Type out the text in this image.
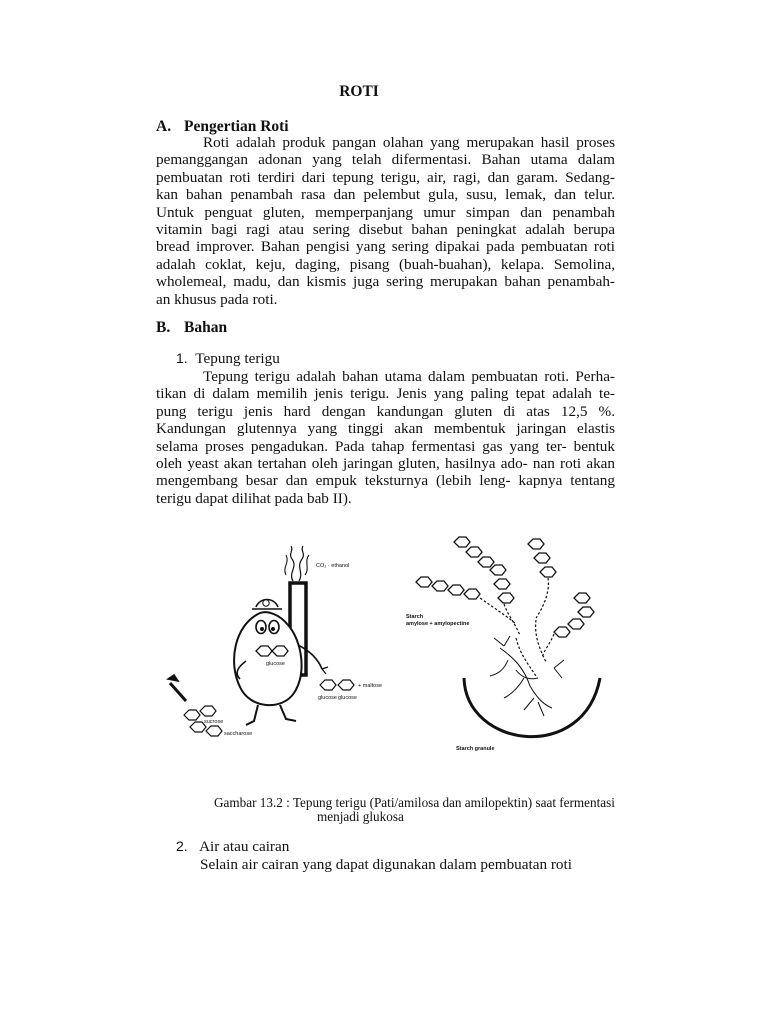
ROTI
A. Pengertian Roti
Roti adalah produk pangan olahan yang merupakan hasil proses
pemanggangan adonan yang telah difermentasi. Bahan utama dalam
pembuatan roti terdiri dari tepung terigu, air, ragi, dan garam. Sedang-
kan bahan penambah rasa dan pelembut gula, susu, lemak, dan telur.
Untuk penguat gluten, memperpanjang umur simpan dan penambah
vitamin bagi ragi atau sering disebut bahan peningkat adalah berupa
bread improver. Bahan pengisi yang sering dipakai pada pembuatan roti
adalah coklat, keju, daging, pisang (buah-buahan), kelapa. Semolina,
wholemeal, madu, dan kismis juga sering merupakan bahan penambah-
an khusus pada roti.
B. Bahan
1. Tepung terigu
Tepung terigu adalah bahan utama dalam pembuatan roti. Perha-
tikan di dalam memilih jenis terigu. Jenis yang paling tepat adalah te-
pung terigu jenis hard dengan kandungan gluten di atas 12,5 %.
Kandungan glutennya yang tinggi akan membentuk jaringan elastis
selama proses pengadukan. Pada tahap fermentasi gas yang ter- bentuk
oleh yeast akan tertahan oleh jaringan gluten, hasilnya ado- nan roti akan
mengembang besar dan empuk teksturnya (lebih leng- kapnya tentang
terigu dapat dilihat pada bab II).
CO₂ · ethanol
glucose
+ maltose
glucose glucose
sucrose
saccharose
Starch
amylose + amylopectine
Starch granule
Gambar 13.2 : Tepung terigu (Pati/amilosa dan amilopektin) saat fermentasi
menjadi glukosa
2. Air atau cairan
Selain air cairan yang dapat digunakan dalam pembuatan roti
